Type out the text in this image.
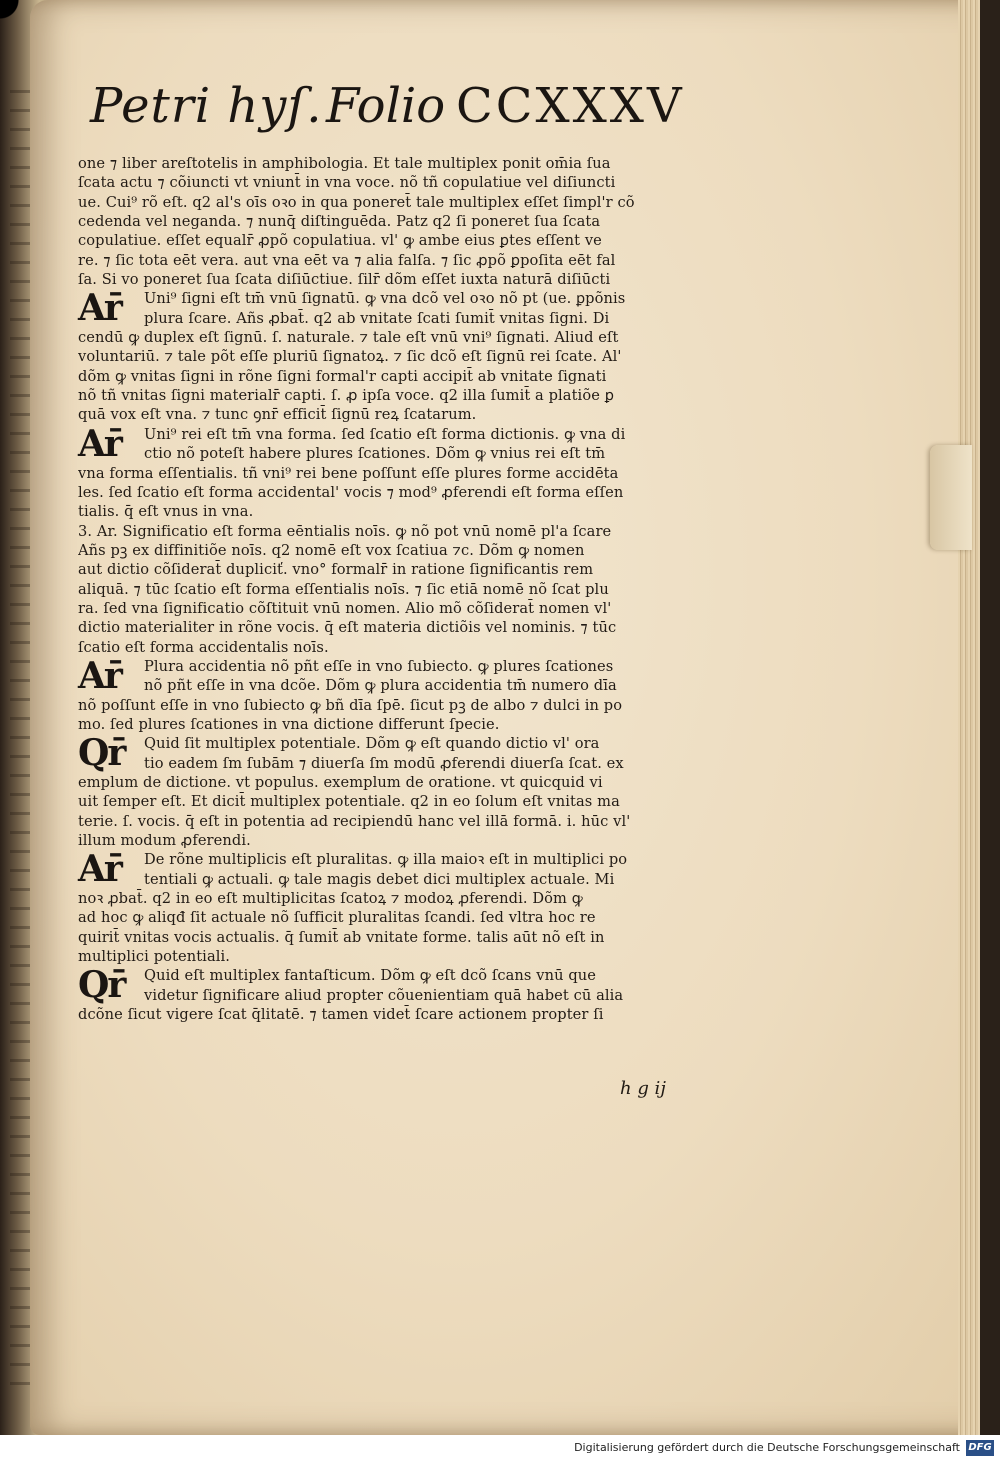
Petri hyſ. Folio CCXXXV
one ⁊ liber areſtotelis in amphibologia. Et tale multiplex ponit om̄ia ſua
ſcata actu ⁊ cõiuncti vt vniunt̄ in vna voce. nõ tñ copulatiue vel diſiuncti
ue. Cui⁹ rõ eſt. q2 al's oīs oꝛo in qua poneret̄ tale multiplex eſſet ſimpl'r cõ
cedenda vel neganda. ⁊ nunq̄ diſtinguēda. Patz q2 ſi poneret ſua ſcata
copulatiue. eſſet equalr̄ ꝓpõ copulatiua. vl' ꝙ ambe eius ꝑtes eſſent ve
re. ⁊ ſic tota eēt vera. aut vna eēt va ⁊ alia falſa. ⁊ ſic ꝓpõ ꝑpoſita eēt fal
ſa. Si vo poneret ſua ſcata diſiūctiue. ſilr̄ dõm eſſet iuxta naturā diſiūcti
Ar̄	Uni⁹ ſigni eſt tm̄ vnū ſignatū. ꝙ vna dcõ vel oꝛo nõ pt (ue. ꝑpõnis
plura ſcare. Añs ꝓbat̄. q2 ab vnitate ſcati ſumit̄ vnitas ſigni. Di
cendū ꝙ duplex eſt ſignū. ſ. naturale. ⁊ tale eſt vnū vni⁹ ſignati. Aliud eſt
voluntariū. ⁊ tale põt eſſe pluriū ſignatoꝝ. ⁊ ſic dcõ eſt ſignū rei ſcate. Al'
dõm ꝙ vnitas ſigni in rõne ſigni formal'r capti accipit̄ ab vnitate ſignati
nõ tñ vnitas ſigni materialr̄ capti. ſ. ꝓ ipſa voce. q2 illa ſumit̄ a platiõe ꝑ
quā vox eſt vna. ⁊ tunc ꝯnr̄ efficit̄ ſignū reꝝ ſcatarum.
Ar̄	Uni⁹ rei eſt tm̄ vna forma. ſed ſcatio eſt forma dictionis. ꝙ vna di
ctio nõ poteſt habere plures ſcationes. Dõm ꝙ vnius rei eſt tm̄
vna forma eſſentialis. tñ vni⁹ rei bene poſſunt eſſe plures forme accidēta
les. ſed ſcatio eſt forma accidental' vocis ⁊ mod⁹ ꝓferendi eſt forma eſſen
tialis. q̄ eſt vnus in vna.
3. Ar. Significatio eſt forma eēntialis noīs. ꝙ nõ pot vnū nomē pl'a ſcare
Añs pꝫ ex diffinitiõe noīs. q2 nomē eſt vox ſcatiua ⁊c. Dõm ꝙ nomen
aut dictio cõſiderat̄ dupliciť. vno° formalr̄ in ratione ſignificantis rem
aliquā. ⁊ tūc ſcatio eſt forma eſſentialis noīs. ⁊ ſic etiā nomē nõ ſcat plu
ra. ſed vna ſignificatio cõſtituit vnū nomen. Alio mõ cõſiderat̄ nomen vl'
dictio materialiter in rõne vocis. q̄ eſt materia dictiõis vel nominis. ⁊ tūc
ſcatio eſt forma accidentalis noīs.
Ar̄	Plura accidentia nõ pñt eſſe in vno ſubiecto. ꝙ plures ſcationes
nõ pñt eſſe in vna dcõe. Dõm ꝙ plura accidentia tm̄ numero dīa
nõ poſſunt eſſe in vno ſubiecto ꝙ bñ dīa ſpē. ſicut pꝫ de albo ⁊ dulci in po
mo. ſed plures ſcationes in vna dictione differunt ſpecie.
Qr̄	Quid ſit multiplex potentiale. Dõm ꝙ eſt quando dictio vl' ora
tio eadem ſm ſubām ⁊ diuerſa ſm modū ꝓferendi diuerſa ſcat. ex
emplum de dictione. vt populus. exemplum de oratione. vt quicquid vi
uit ſemper eſt. Et dicit̄ multiplex potentiale. q2 in eo ſolum eſt vnitas ma
terie. ſ. vocis. q̄ eſt in potentia ad recipiendū hanc vel illā formā. i. hūc vl'
illum modum ꝓferendi.
Ar̄	De rõne multiplicis eſt pluralitas. ꝙ illa maioꝛ eſt in multiplici po
tentiali ꝙ actuali. ꝙ tale magis debet dici multiplex actuale. Mi
noꝛ ꝓbat̄. q2 in eo eſt multiplicitas ſcatoꝝ ⁊ modoꝝ ꝓferendi. Dõm ꝙ
ad hoc ꝙ aliqđ ſit actuale nõ ſufficit pluralitas ſcandi. ſed vltra hoc re
quirit̄ vnitas vocis actualis. q̄ ſumit̄ ab vnitate forme. talis aūt nõ eſt in
multiplici potentiali.
Qr̄	Quid eſt multiplex fantaſticum. Dõm ꝙ eſt dcõ ſcans vnū que
videtur ſignificare aliud propter cõuenientiam quā habet cū alia
dcõne ſicut vigere ſcat q̄litatē. ⁊ tamen videt̄ ſcare actionem propter ſi
h g ij
Digitalisierung gefördert durch die Deutsche Forschungsgemeinschaft DFG
